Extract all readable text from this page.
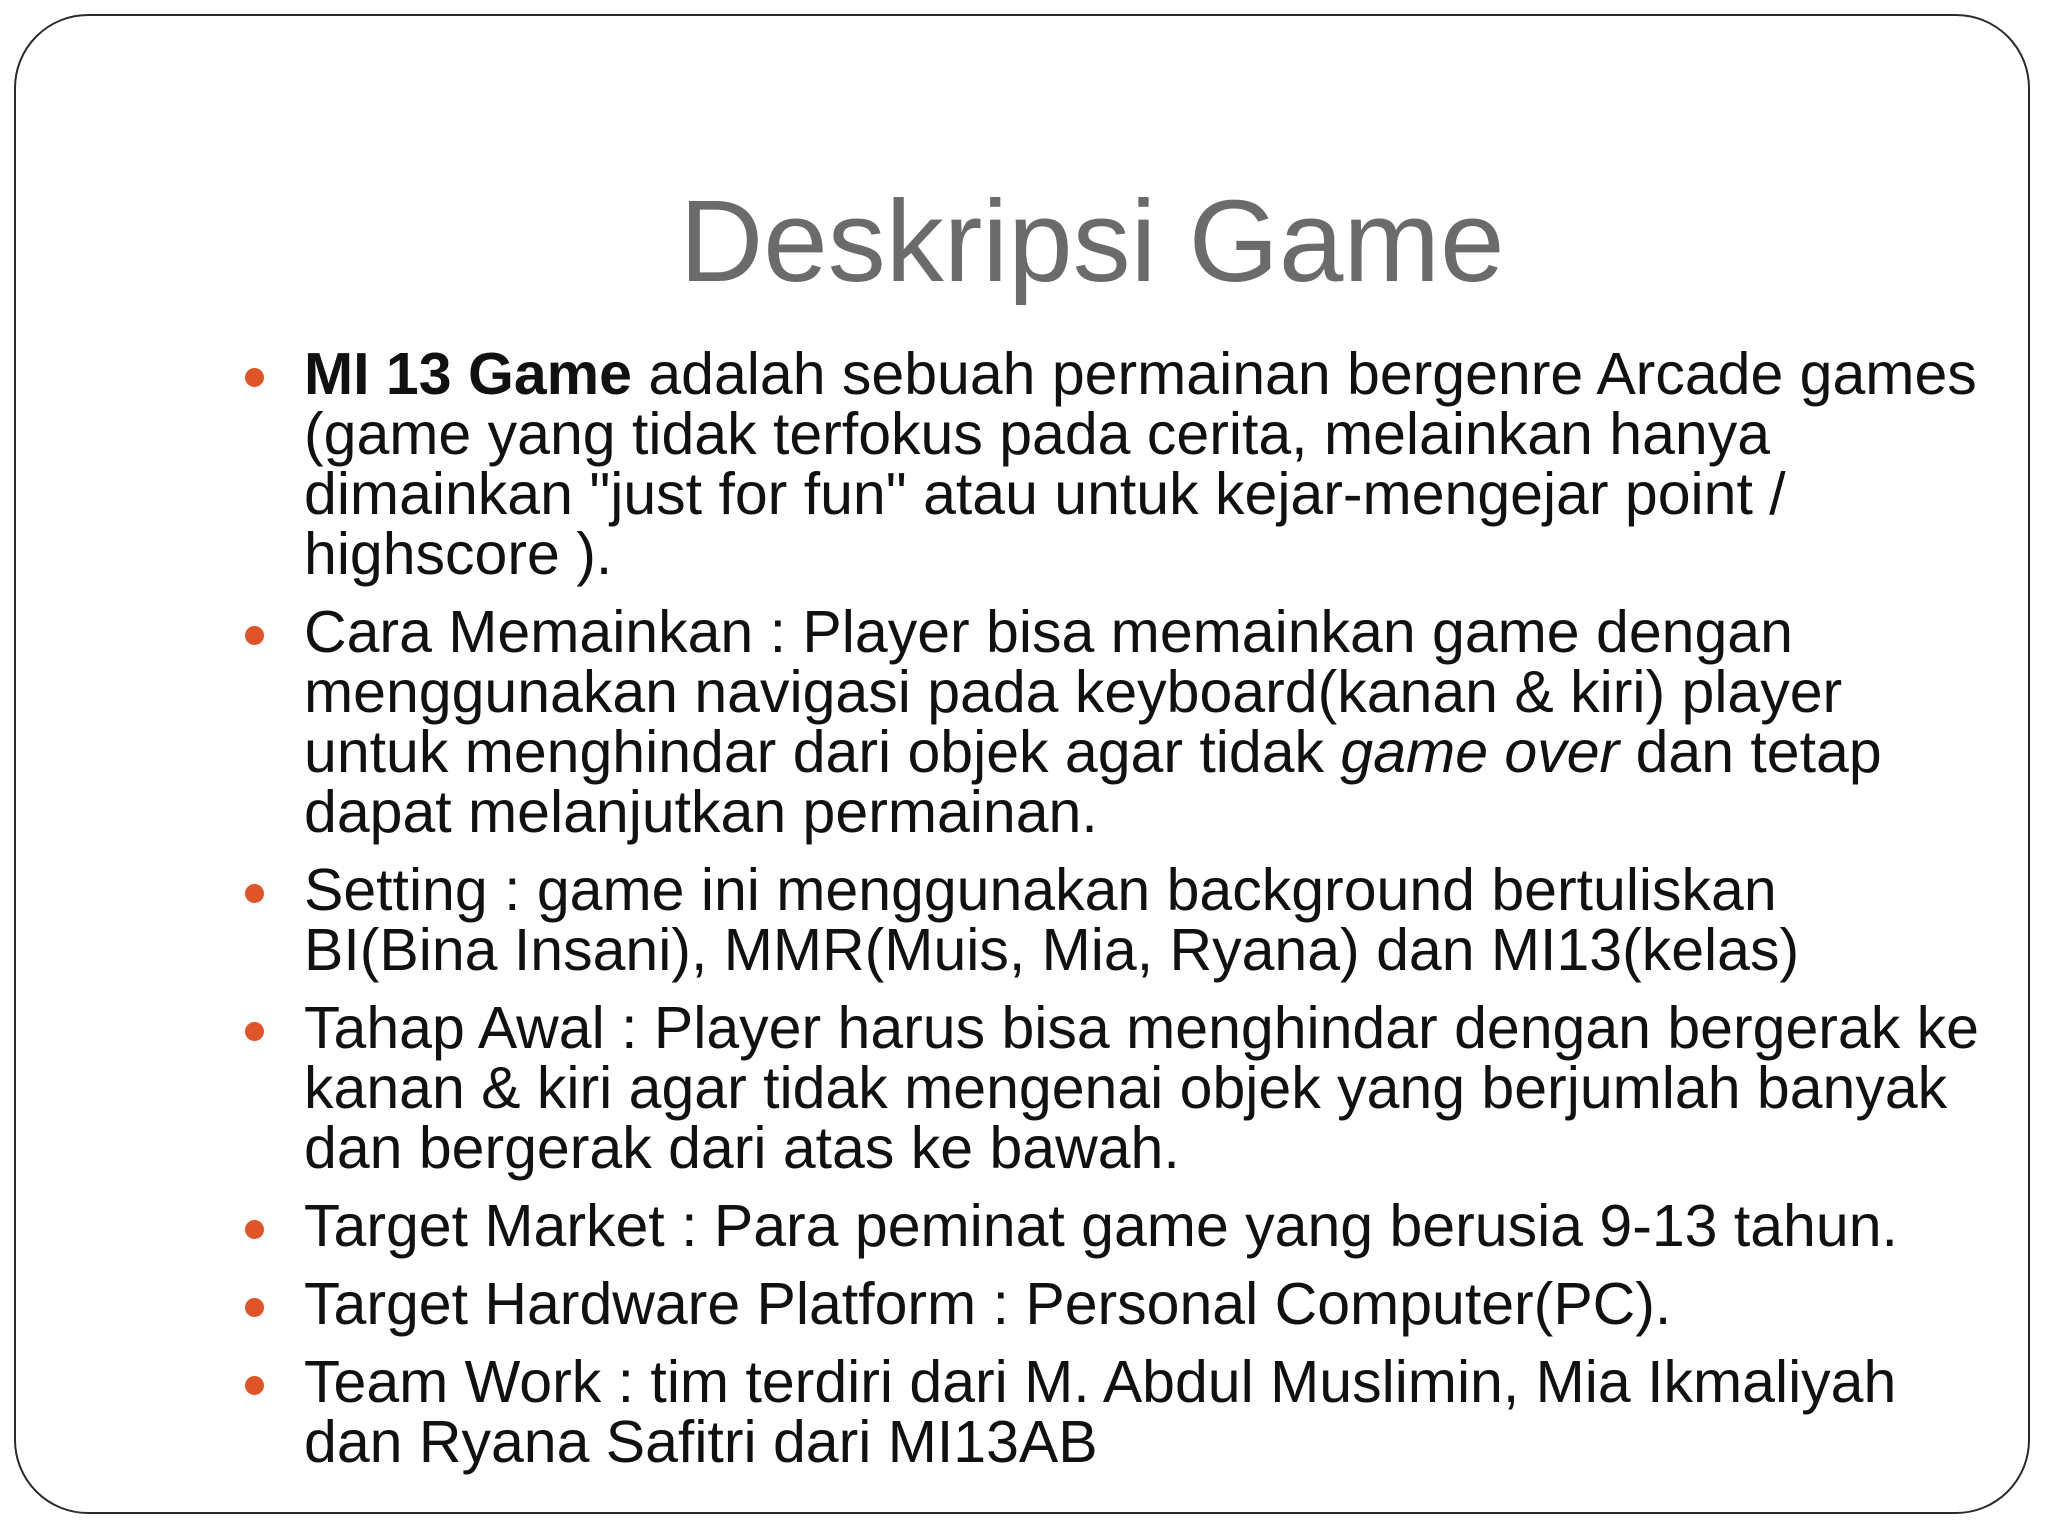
Deskripsi Game
MI 13 Game adalah sebuah permainan bergenre Arcade games (game yang tidak terfokus pada cerita, melainkan hanya dimainkan "just for fun" atau untuk kejar-mengejar point / highscore ).
Cara Memainkan : Player bisa memainkan game dengan menggunakan navigasi pada keyboard(kanan & kiri) player untuk menghindar dari objek agar tidak game over dan tetap dapat melanjutkan permainan.
Setting : game ini menggunakan background bertuliskan BI(Bina Insani), MMR(Muis, Mia, Ryana) dan MI13(kelas)
Tahap Awal : Player harus bisa menghindar dengan bergerak ke kanan & kiri agar tidak mengenai objek yang berjumlah banyak dan bergerak dari atas ke bawah.
Target Market : Para peminat game yang berusia 9-13 tahun.
Target Hardware Platform : Personal Computer(PC).
Team Work : tim terdiri dari M. Abdul Muslimin, Mia Ikmaliyah dan Ryana Safitri dari MI13AB
